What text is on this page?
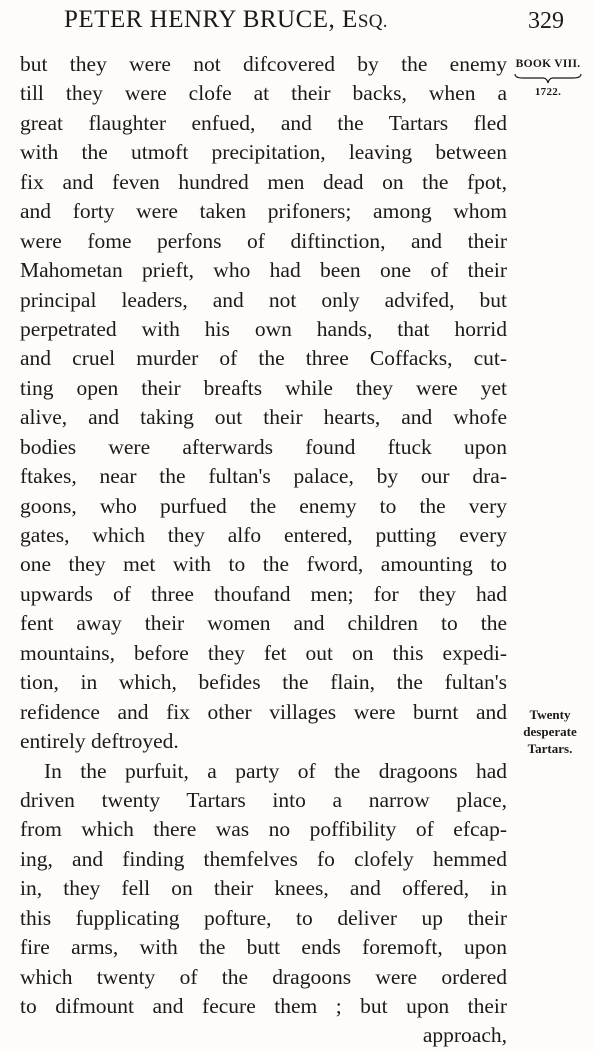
PETER HENRY BRUCE, ESQ.	329
BOOK VIII.
1722.
Twenty
desperate
Tartars.
but they were not difcovered by the enemy
till they were clofe at their backs, when a
great flaughter enfued, and the Tartars fled
with the utmoft precipitation, leaving between
fix and feven hundred men dead on the fpot,
and forty were taken prifoners; among whom
were fome perfons of diftinction, and their
Mahometan prieft, who had been one of their
principal leaders, and not only advifed, but
perpetrated with his own hands, that horrid
and cruel murder of the three Coffacks, cut-
ting open their breafts while they were yet
alive, and taking out their hearts, and whofe
bodies were afterwards found ftuck upon
ftakes, near the fultan's palace, by our dra-
goons, who purfued the enemy to the very
gates, which they alfo entered, putting every
one they met with to the fword, amounting to
upwards of three thoufand men; for they had
fent away their women and children to the
mountains, before they fet out on this expedi-
tion, in which, befides the flain, the fultan's
refidence and fix other villages were burnt and
entirely deftroyed.
In the purfuit, a party of the dragoons had
driven twenty Tartars into a narrow place,
from which there was no poffibility of efcap-
ing, and finding themfelves fo clofely hemmed
in, they fell on their knees, and offered, in
this fupplicating pofture, to deliver up their
fire arms, with the butt ends foremoft, upon
which twenty of the dragoons were ordered
to difmount and fecure them ; but upon their
approach,
